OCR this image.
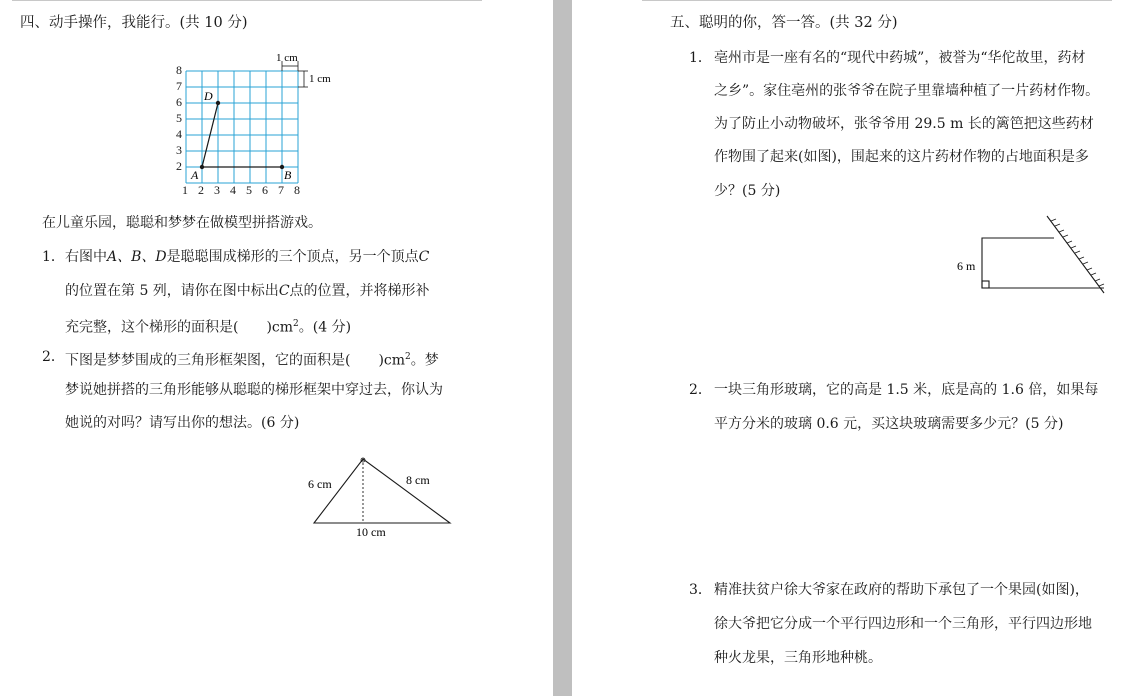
四、动手操作，我能行。(共 10 分)
1 cm
1 cm
1 2 3 4 5 6 7 8
2
3
4
5
6
7
8
A	B
D
在儿童乐园，聪聪和梦梦在做模型拼搭游戏。
1． 右图中A、B、D是聪聪围成梯形的三个顶点，另一个顶点C
的位置在第 5 列，请你在图中标出C点的位置，并将梯形补
充完整，这个梯形的面积是(　　)$cm^2$。(4 分)
2． 下图是梦梦围成的三角形框架图，它的面积是(　　)$cm^2$。梦
梦说她拼搭的三角形能够从聪聪的梯形框架中穿过去，你认为
她说的对吗？请写出你的想法。(6 分)
6 cm	8 cm
10 cm
五、聪明的你，答一答。(共 32 分)
1． 亳州市是一座有名的“现代中药城”，被誉为“华佗故里，药材
之乡”。家住亳州的张爷爷在院子里靠墙种植了一片药材作物。
为了防止小动物破坏，张爷爷用 29.5 m 长的篱笆把这些药材
作物围了起来(如图)，围起来的这片药材作物的占地面积是多
少？(5 分)
6 m
2． 一块三角形玻璃，它的高是 1.5 米，底是高的 1.6 倍，如果每
平方分米的玻璃 0.6 元，买这块玻璃需要多少元？(5 分)
3． 精准扶贫户徐大爷家在政府的帮助下承包了一个果园(如图)，
徐大爷把它分成一个平行四边形和一个三角形，平行四边形地
种火龙果，三角形地种桃。
